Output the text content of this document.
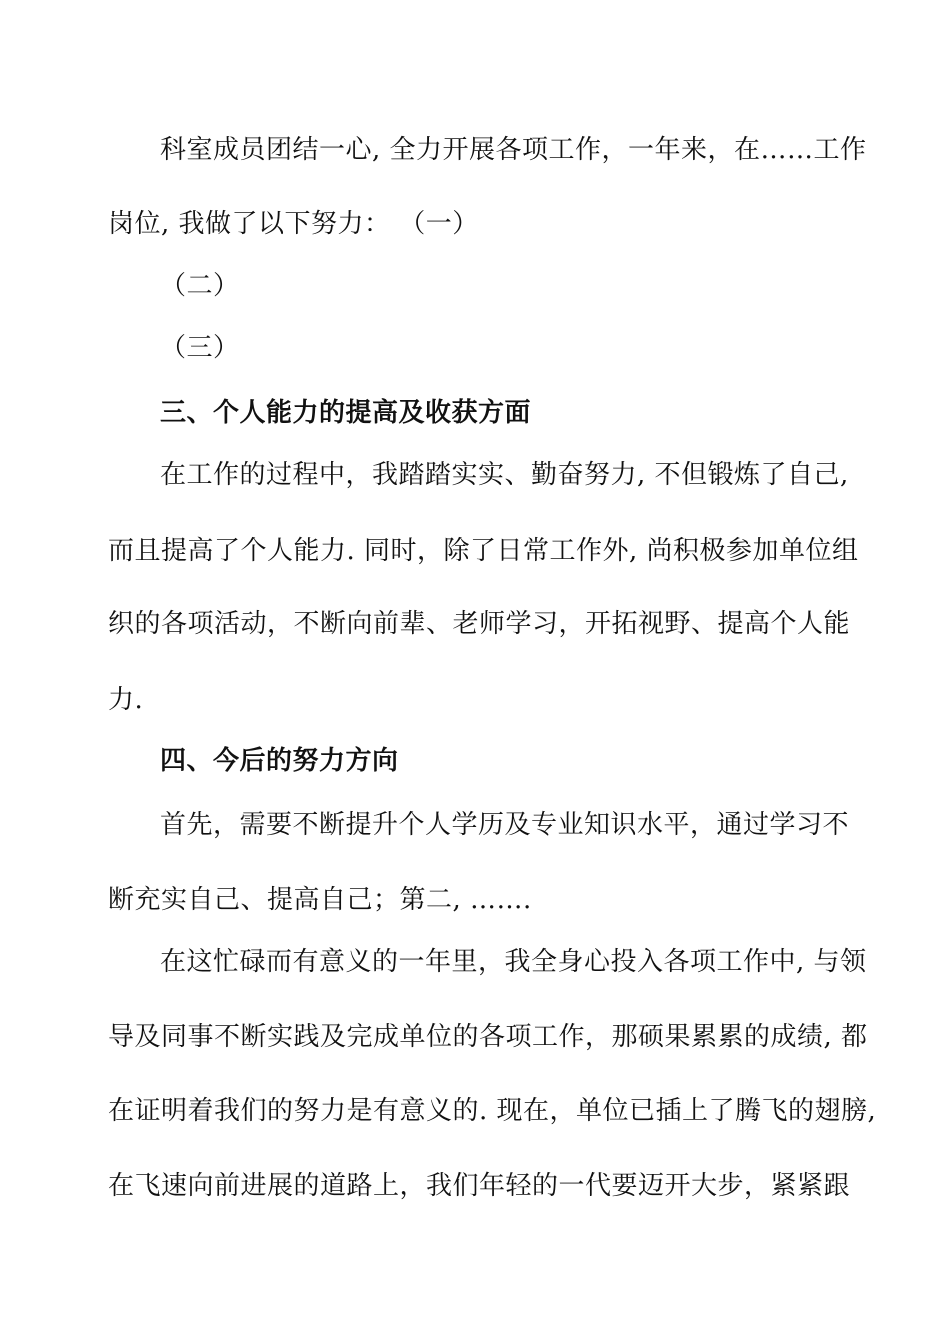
科室成员团结一心, 全力开展各项工作，一年来，在……工作
岗位, 我做了以下努力： （一）
（二）
（三）
三、个人能力的提高及收获方面
在工作的过程中，我踏踏实实、勤奋努力, 不但锻炼了自己,
而且提高了个人能力. 同时，除了日常工作外, 尚积极参加单位组
织的各项活动，不断向前辈、老师学习，开拓视野、提高个人能
力.
四、今后的努力方向
首先，需要不断提升个人学历及专业知识水平，通过学习不
断充实自己、提高自己；第二, …….
在这忙碌而有意义的一年里，我全身心投入各项工作中, 与领
导及同事不断实践及完成单位的各项工作，那硕果累累的成绩, 都
在证明着我们的努力是有意义的. 现在，单位已插上了腾飞的翅膀,
在飞速向前进展的道路上，我们年轻的一代要迈开大步，紧紧跟
